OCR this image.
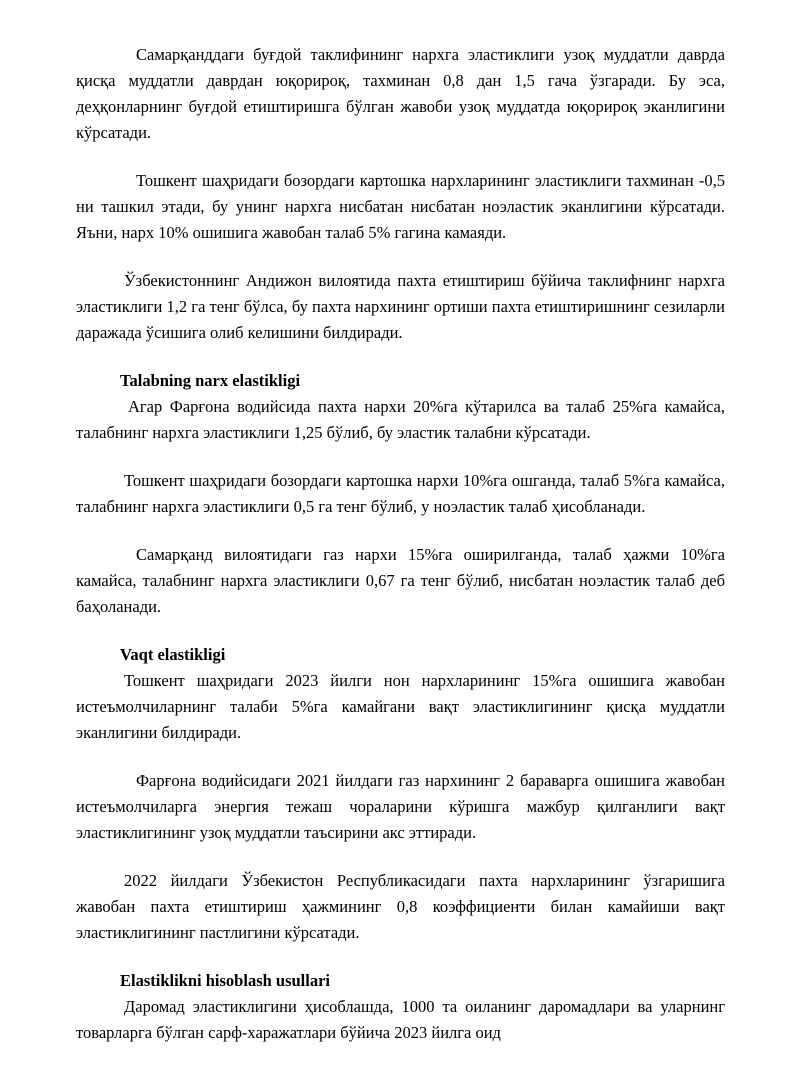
Самарқанддаги буғдой таклифининг нархга эластиклиги узоқ муддатли даврда қисқа муддатли даврдан юқорироқ, тахминан 0,8 дан 1,5 гача ўзгаради. Бу эса, деҳқонларнинг буғдой етиштиришга бўлган жавоби узоқ муддатда юқорироқ эканлигини кўрсатади.

Тошкент шаҳридаги бозордаги картошка нархларининг эластиклиги тахминан -0,5 ни ташкил этади, бу унинг нархга нисбатан нисбатан ноэластик эканлигини кўрсатади. Яъни, нарх 10% ошишига жавобан талаб 5% гагина камаяди.

Ўзбекистоннинг Андижон вилоятида пахта етиштириш бўйича таклифнинг нархга эластиклиги 1,2 га тенг бўлса, бу пахта нархининг ортиши пахта етиштиришнинг сезиларли даражада ўсишига олиб келишини билдиради.

Talabning narx elastikligi

Агар Фарғона водийсида пахта нархи 20%га кўтарилса ва талаб 25%га камайса, талабнинг нархга эластиклиги 1,25 бўлиб, бу эластик талабни кўрсатади.

Тошкент шаҳридаги бозордаги картошка нархи 10%га ошганда, талаб 5%га камайса, талабнинг нархга эластиклиги 0,5 га тенг бўлиб, у ноэластик талаб ҳисобланади.

Самарқанд вилоятидаги газ нархи 15%га оширилганда, талаб ҳажми 10%га камайса, талабнинг нархга эластиклиги 0,67 га тенг бўлиб, нисбатан ноэластик талаб деб баҳоланади.

Vaqt elastikligi

Тошкент шаҳридаги 2023 йилги нон нархларининг 15%га ошишига жавобан истеъмолчиларнинг талаби 5%га камайгани вақт эластиклигининг қисқа муддатли эканлигини билдиради.

Фарғона водийсидаги 2021 йилдаги газ нархининг 2 бараварга ошишига жавобан истеъмолчиларга энергия тежаш чораларини кўришга мажбур қилганлиги вақт эластиклигининг узоқ муддатли таъсирини акс эттиради.

2022 йилдаги Ўзбекистон Республикасидаги пахта нархларининг ўзгаришига жавобан пахта етиштириш ҳажмининг 0,8 коэффициенти билан камайиши вақт эластиклигининг пастлигини кўрсатади.

Elastiklikni hisoblash usullari

Даромад эластиклигини ҳисоблашда, 1000 та оиланинг даромадлари ва уларнинг товарларга бўлган сарф-харажатлари бўйича 2023 йилга оид
